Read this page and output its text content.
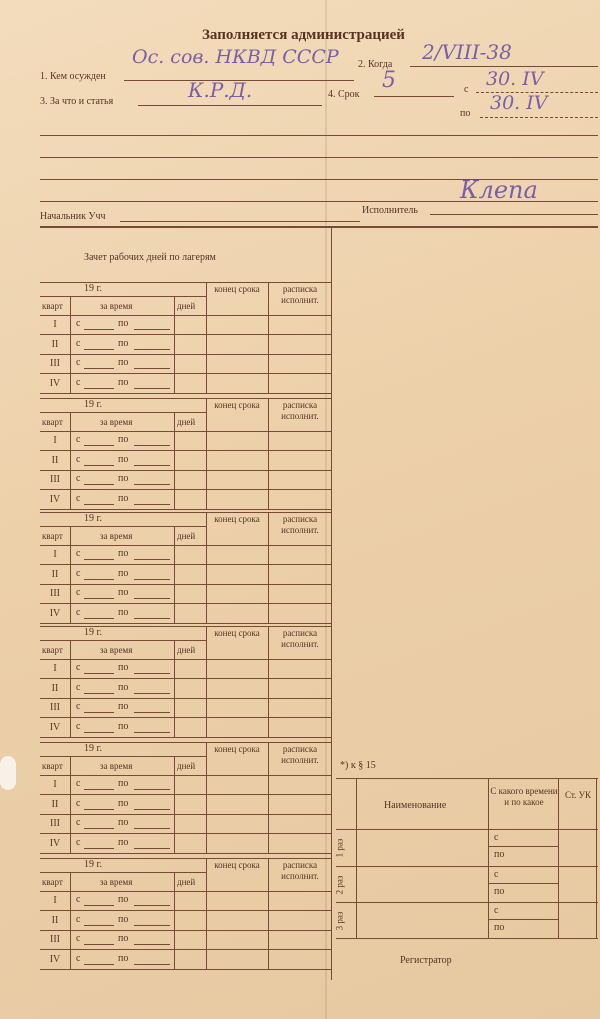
Заполняется администрацией
1. Кем осужден
Ос. сов. НКВД СССР 2. Когда
2/VIII-38
3. За что и статья	К.Р.Д.	4. Срок
5	с 30. IV
по 30. IV
Начальник Учч
Исполнитель
Клепа
Зачет рабочих дней по лагерям
19 г.
кварт	за время	дней
конец срока	расписка исполнит.
I	с	по
II	с	по
III	с	по
IV	с	по
19 г.
кварт	за время	дней
конец срока	расписка исполнит.
I	с	по
II	с	по
III	с	по
IV	с	по
19 г.
кварт	за время	дней
конец срока	расписка исполнит.
I	с	по
II	с	по
III	с	по
IV	с	по
19 г.
кварт	за время	дней
конец срока	расписка исполнит.
I	с	по
II	с	по
III	с	по
IV	с	по
19 г.
кварт	за время	дней
конец срока	расписка исполнит.
I	с	по
II	с	по
III	с	по
IV	с	по
19 г.
кварт	за время	дней
конец срока	расписка исполнит.
I	с	по
II	с	по
III	с	по
IV	с	по
*) к § 15
Наименование
С какого времени и по какое
Ст. УК
1 раз
с
по
2 раз
с
по
3 раз
с
по
Регистратор
